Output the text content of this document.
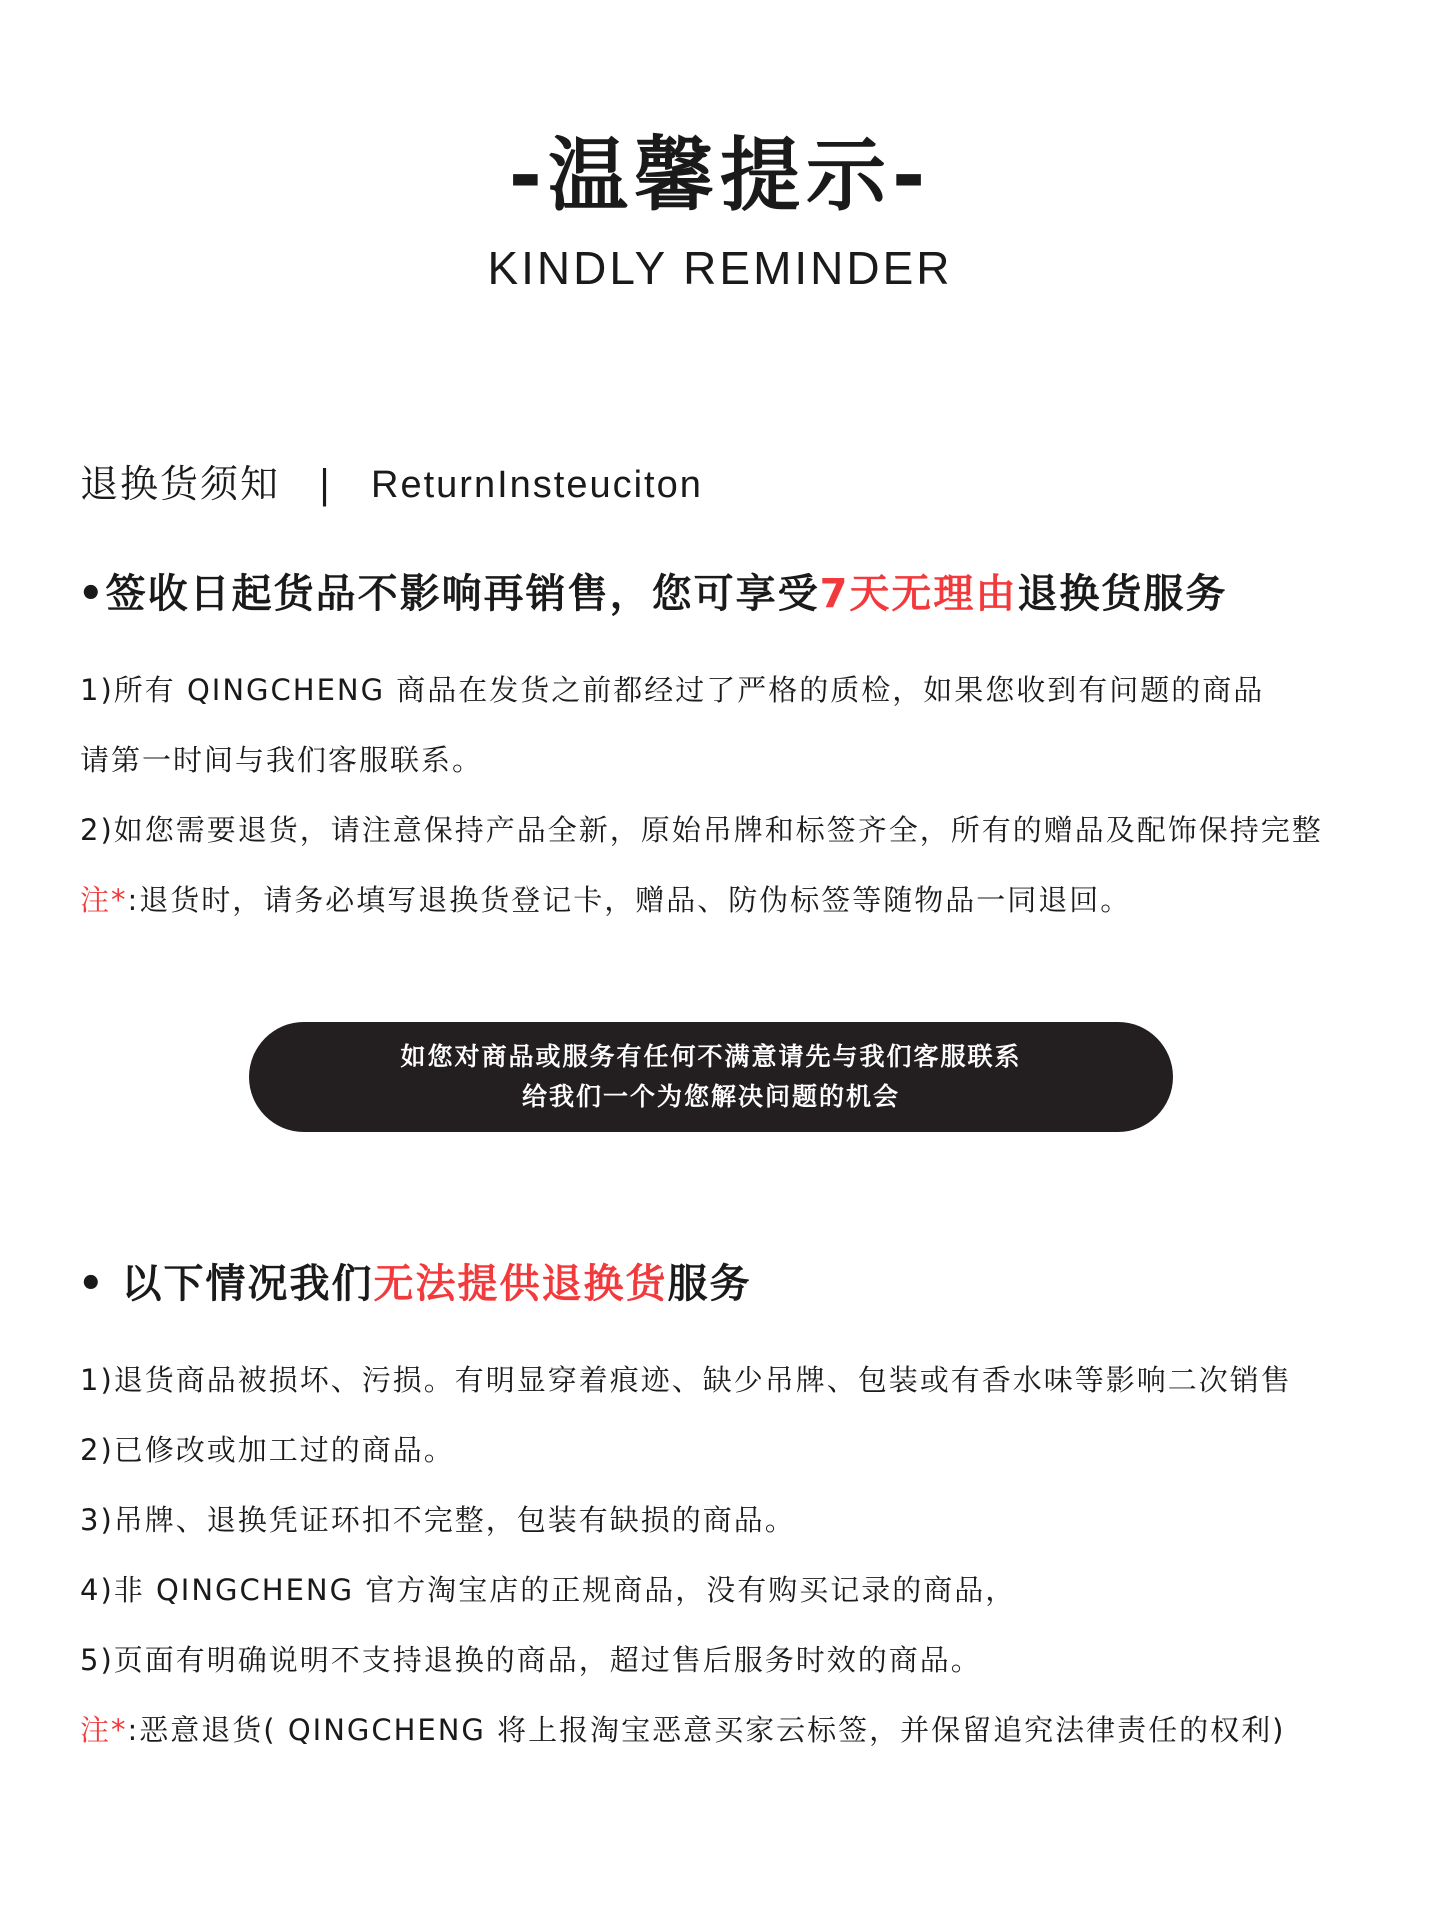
-温馨提示-
KINDLY REMINDER
退换货须知 | ReturnInsteuciton
•签收日起货品不影响再销售，您可享受7天无理由退换货服务
1)所有 QINGCHENG 商品在发货之前都经过了严格的质检，如果您收到有问题的商品
请第一时间与我们客服联系。
2)如您需要退货，请注意保持产品全新，原始吊牌和标签齐全，所有的赠品及配饰保持完整
注*:退货时，请务必填写退换货登记卡，赠品、防伪标签等随物品一同退回。
如您对商品或服务有任何不满意请先与我们客服联系
给我们一个为您解决问题的机会
• 以下情况我们无法提供退换货服务
1)退货商品被损坏、污损。有明显穿着痕迹、缺少吊牌、包装或有香水味等影响二次销售
2)已修改或加工过的商品。
3)吊牌、退换凭证环扣不完整，包装有缺损的商品。
4)非 QINGCHENG 官方淘宝店的正规商品，没有购买记录的商品，
5)页面有明确说明不支持退换的商品，超过售后服务时效的商品。
注*:恶意退货( QINGCHENG 将上报淘宝恶意买家云标签，并保留追究法律责任的权利)
